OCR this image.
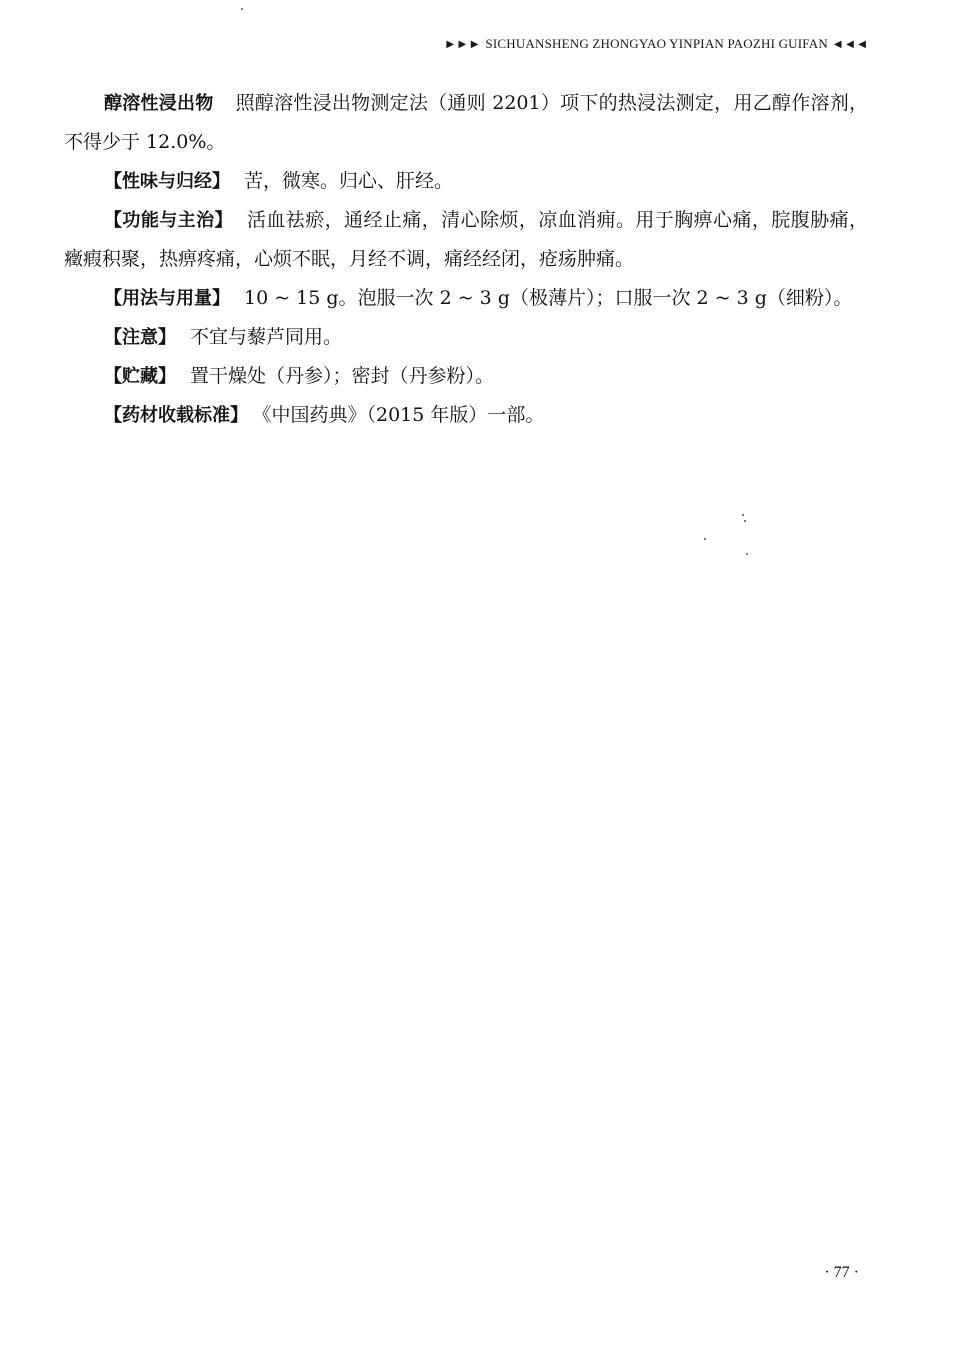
▶ ▶ ▶ SICHUANSHENG ZHONGYAO YINPIAN PAOZHI GUIFAN ◀ ◀ ◀

醇溶性浸出物 照醇溶性浸出物测定法（通则 2201）项下的热浸法测定，用乙醇作溶剂，不得少于 12.0%。

【性味与归经】 苦，微寒。归心、肝经。

【功能与主治】 活血祛瘀，通经止痛，清心除烦，凉血消痈。用于胸痹心痛，脘腹胁痛，癥瘕积聚，热痹疼痛，心烦不眠，月经不调，痛经经闭，疮疡肿痛。

【用法与用量】 10 ~ 15 g。泡服一次 2 ~ 3 g（极薄片）；口服一次 2 ~ 3 g（细粉）。

【注意】 不宜与藜芦同用。

【贮藏】 置干燥处（丹参）；密封（丹参粉）。

【药材收载标准】 《中国药典》（2015 年版）一部。

· 77 ·
